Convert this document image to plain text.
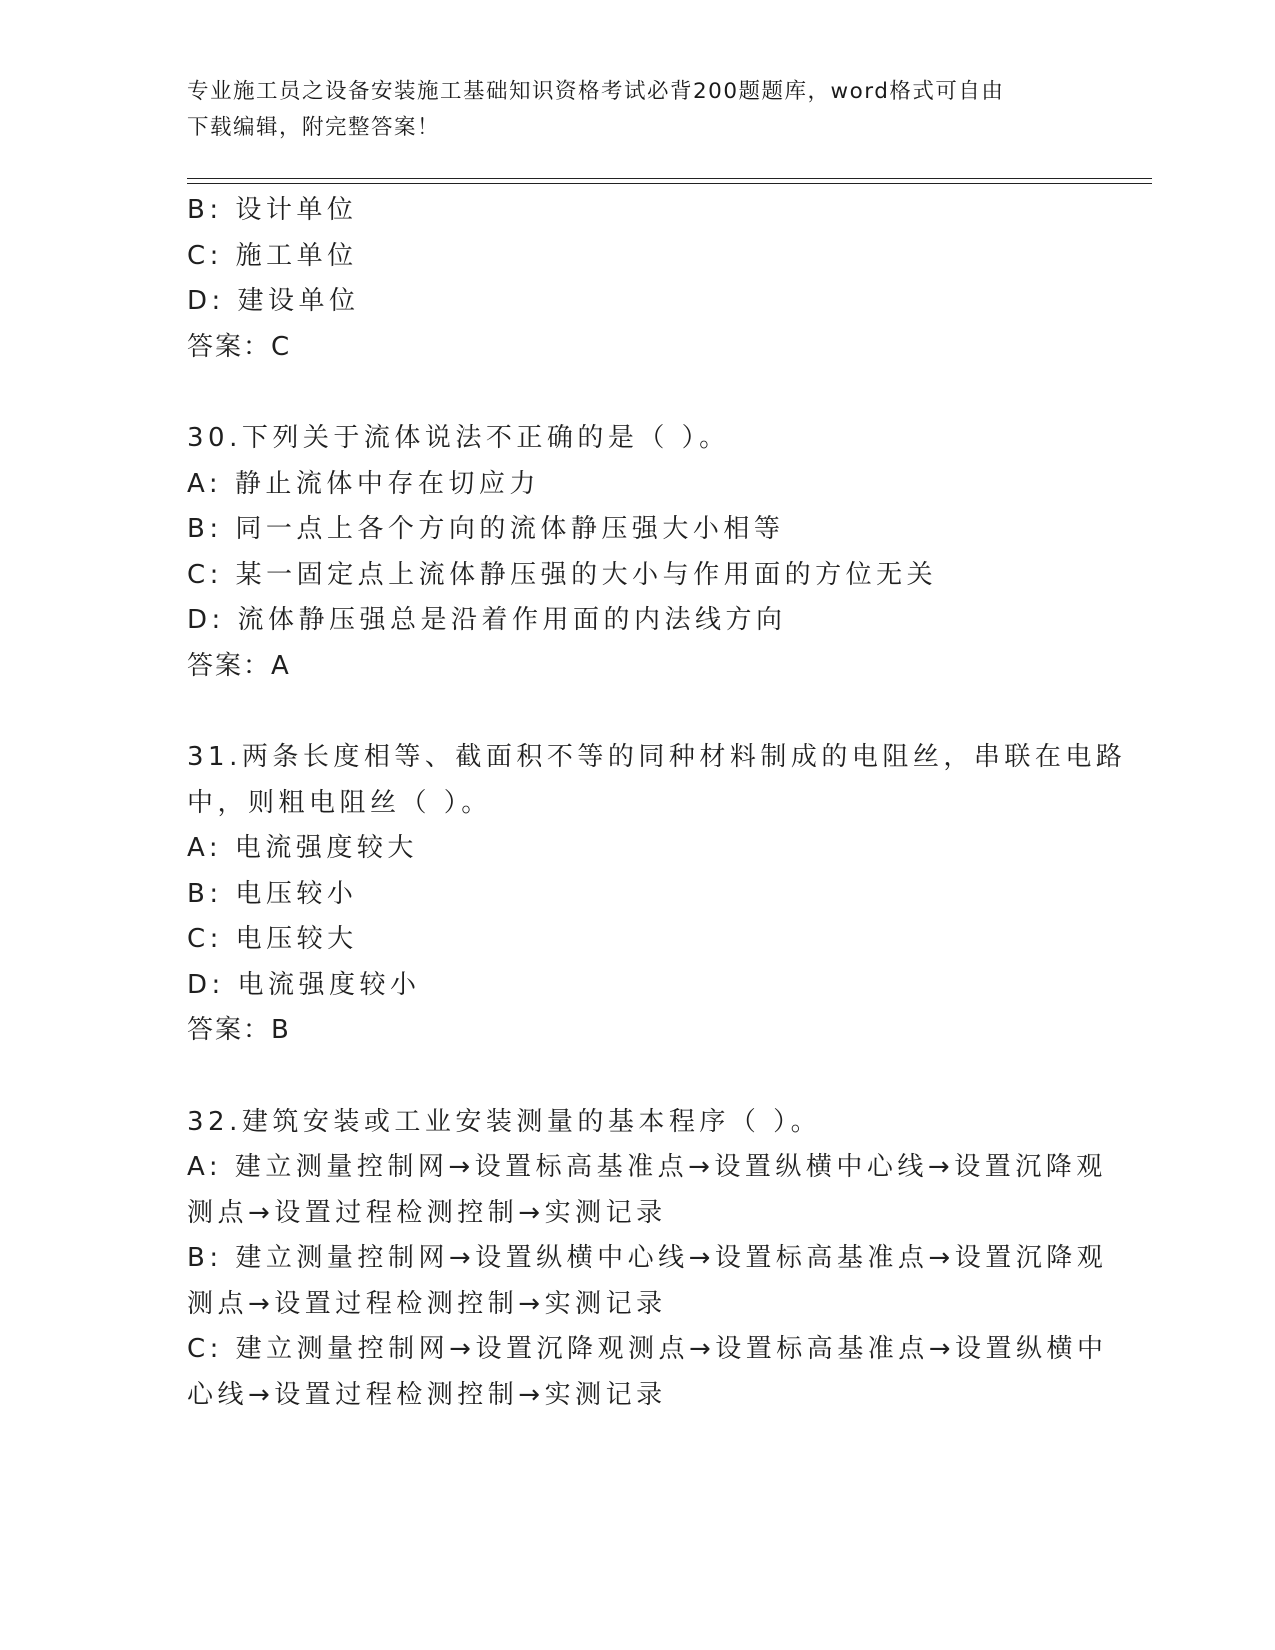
专业施工员之设备安装施工基础知识资格考试必背200题题库，word格式可自由
下载编辑，附完整答案！
B: 设计单位
C: 施工单位
D: 建设单位
答案：C
30.下列关于流体说法不正确的是（ ）。
A: 静止流体中存在切应力
B: 同一点上各个方向的流体静压强大小相等
C: 某一固定点上流体静压强的大小与作用面的方位无关
D: 流体静压强总是沿着作用面的内法线方向
答案：A
31.两条长度相等、截面积不等的同种材料制成的电阻丝，串联在电路
中，则粗电阻丝（ ）。
A: 电流强度较大
B: 电压较小
C: 电压较大
D: 电流强度较小
答案：B
32.建筑安装或工业安装测量的基本程序（ ）。
A: 建立测量控制网→设置标高基准点→设置纵横中心线→设置沉降观
测点→设置过程检测控制→实测记录
B: 建立测量控制网→设置纵横中心线→设置标高基准点→设置沉降观
测点→设置过程检测控制→实测记录
C: 建立测量控制网→设置沉降观测点→设置标高基准点→设置纵横中
心线→设置过程检测控制→实测记录
